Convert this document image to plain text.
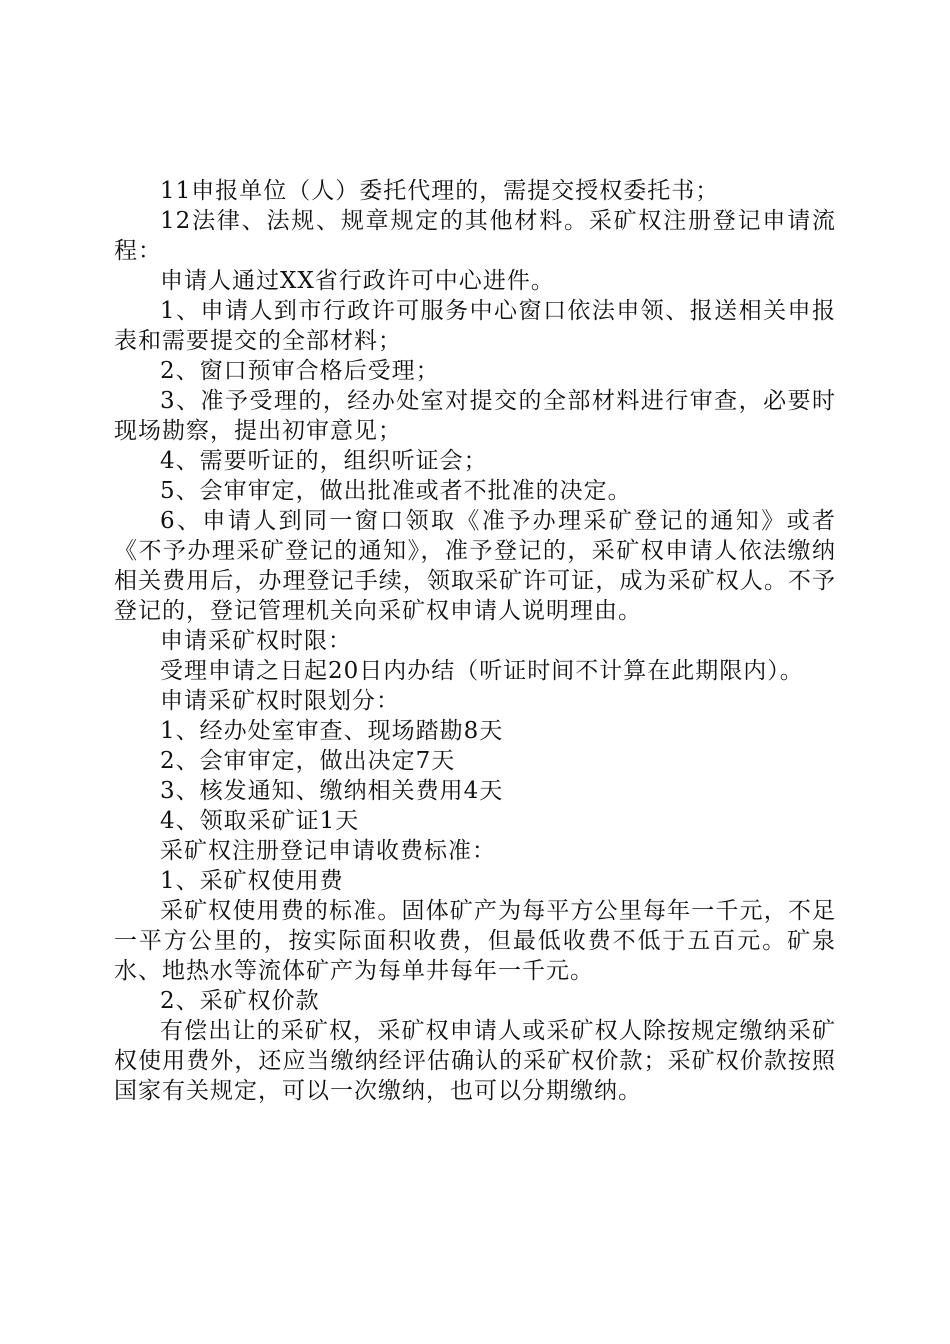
11申报单位（人）委托代理的，需提交授权委托书；

12法律、法规、规章规定的其他材料。采矿权注册登记申请流程：

申请人通过XX省行政许可中心进件。

1、申请人到市行政许可服务中心窗口依法申领、报送相关申报表和需要提交的全部材料；

2、窗口预审合格后受理；

3、准予受理的，经办处室对提交的全部材料进行审查，必要时现场勘察，提出初审意见；

4、需要听证的，组织听证会；

5、会审审定，做出批准或者不批准的决定。

6、申请人到同一窗口领取《准予办理采矿登记的通知》或者《不予办理采矿登记的通知》，准予登记的，采矿权申请人依法缴纳相关费用后，办理登记手续，领取采矿许可证，成为采矿权人。不予登记的，登记管理机关向采矿权申请人说明理由。

申请采矿权时限：

受理申请之日起20日内办结（听证时间不计算在此期限内）。

申请采矿权时限划分：

1、经办处室审查、现场踏勘8天

2、会审审定，做出决定7天

3、核发通知、缴纳相关费用4天

4、领取采矿证1天

采矿权注册登记申请收费标准：

1、采矿权使用费

采矿权使用费的标准。固体矿产为每平方公里每年一千元，不足一平方公里的，按实际面积收费，但最低收费不低于五百元。矿泉水、地热水等流体矿产为每单井每年一千元。

2、采矿权价款

有偿出让的采矿权，采矿权申请人或采矿权人除按规定缴纳采矿权使用费外，还应当缴纳经评估确认的采矿权价款；采矿权价款按照国家有关规定，可以一次缴纳，也可以分期缴纳。
